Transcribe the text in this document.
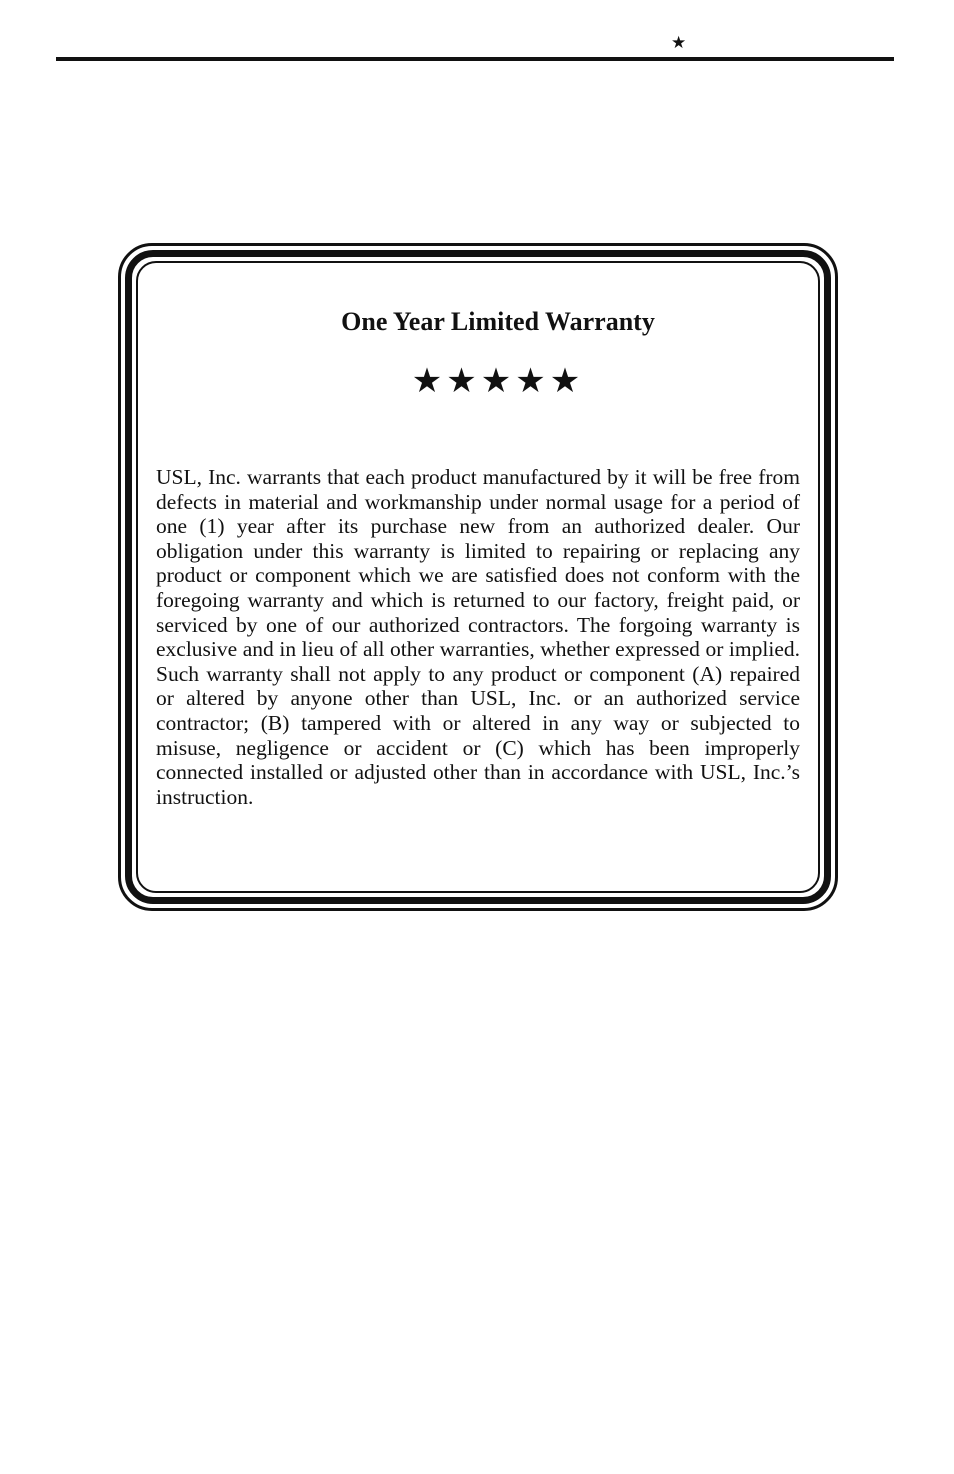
★
One Year Limited Warranty
★★★★★

USL, Inc. warrants that each product manufactured by it will be free from defects in material and workmanship under normal usage for a period of one (1) year after its purchase new from an authorized dealer. Our obligation under this warranty is limited to repairing or replacing any product or component which we are satisfied does not conform with the foregoing warranty and which is returned to our factory, freight paid, or serviced by one of our authorized contractors. The forgoing warranty is exclusive and in lieu of all other warranties, whether expressed or implied. Such warranty shall not apply to any product or component (A) repaired or altered by anyone other than USL, Inc. or an authorized service contractor; (B) tampered with or altered in any way or subjected to misuse, negligence or accident or (C) which has been improperly connected installed or adjusted other than in accordance with USL, Inc.’s instruction.
